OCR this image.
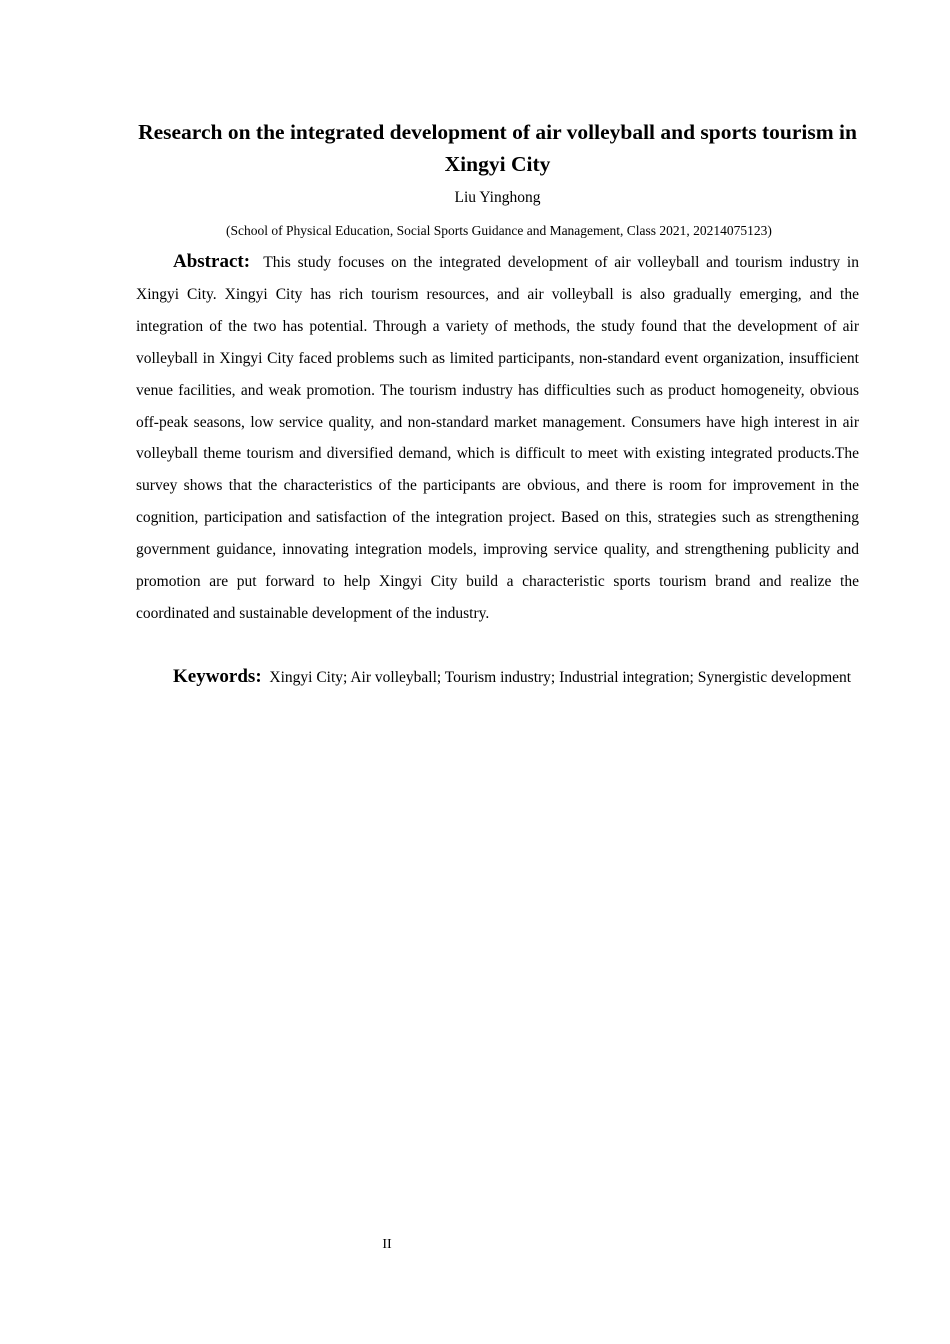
Research on the integrated development of air volleyball and sports tourism in Xingyi City
Liu Yinghong
(School of Physical Education, Social Sports Guidance and Management, Class 2021, 20214075123)

Abstract: This study focuses on the integrated development of air volleyball and tourism industry in Xingyi City. Xingyi City has rich tourism resources, and air volleyball is also gradually emerging, and the integration of the two has potential. Through a variety of methods, the study found that the development of air volleyball in Xingyi City faced problems such as limited participants, non-standard event organization, insufficient venue facilities, and weak promotion. The tourism industry has difficulties such as product homogeneity, obvious off-peak seasons, low service quality, and non-standard market management. Consumers have high interest in air volleyball theme tourism and diversified demand, which is difficult to meet with existing integrated products.The survey shows that the characteristics of the participants are obvious, and there is room for improvement in the cognition, participation and satisfaction of the integration project. Based on this, strategies such as strengthening government guidance, innovating integration models, improving service quality, and strengthening publicity and promotion are put forward to help Xingyi City build a characteristic sports tourism brand and realize the coordinated and sustainable development of the industry.

Keywords: Xingyi City; Air volleyball; Tourism industry; Industrial integration; Synergistic development

II
